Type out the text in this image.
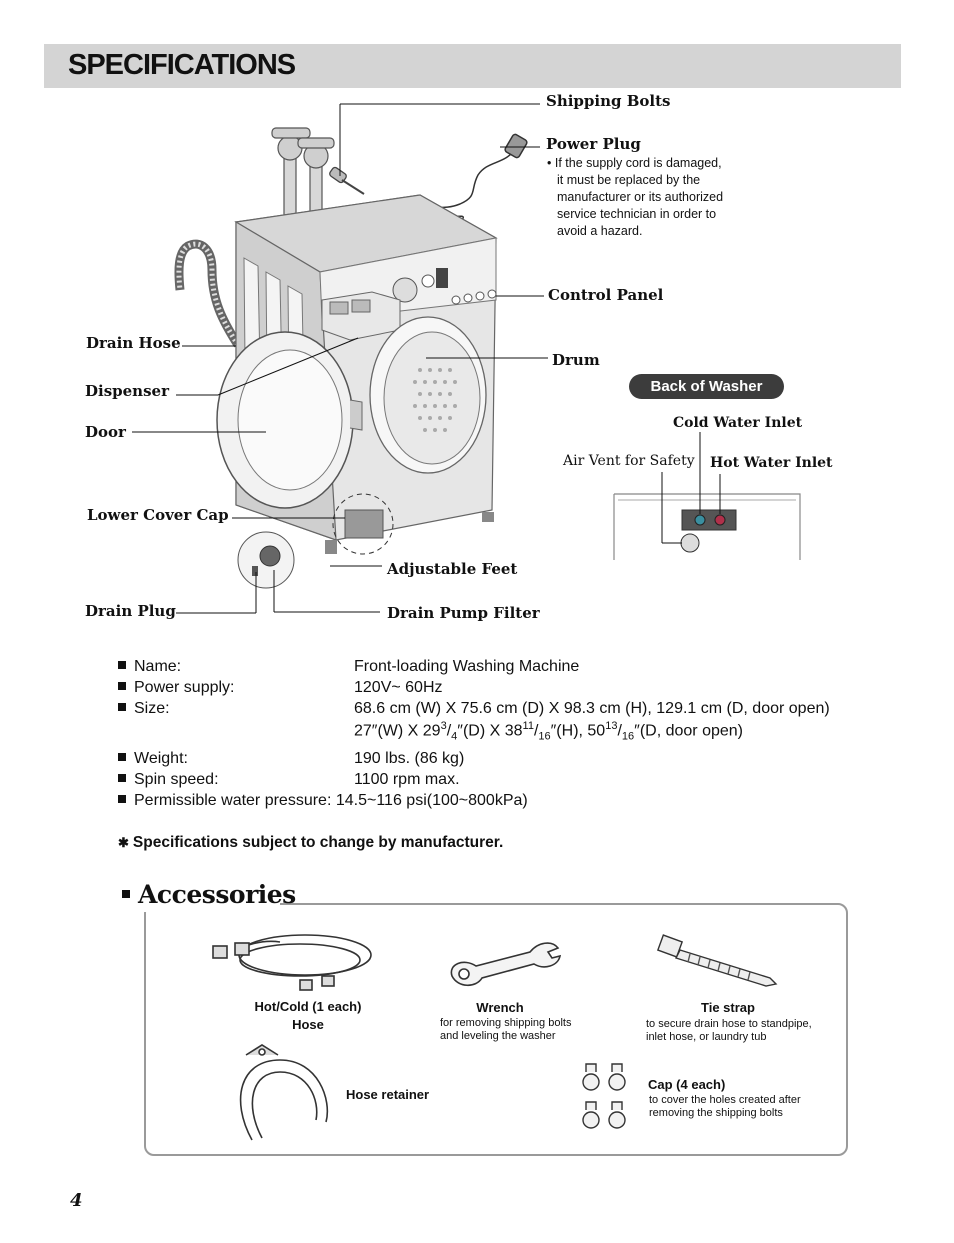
SPECIFICATIONS
Shipping Bolts
Power Plug
• If the supply cord is damaged,
it must be replaced by the
manufacturer or its authorized
service technician in order to
avoid a hazard.
Control Panel
Drain Hose
Drum
Dispenser
Door
Lower Cover Cap
Adjustable Feet
Drain Plug	Drain Pump Filter
Back of Washer
Cold Water Inlet
Air Vent for Safety Hot Water Inlet
Name:	Front-loading Washing Machine
Power supply:	120V~ 60Hz
Size:	68.6 cm (W) X 75.6 cm (D) X 98.3 cm (H), 129.1 cm (D, door open)
27″(W) X $29^3/_4''(D)$ X $38^{11}/_{16}''(H)$, $50^{13}/_{16}''(D$, door open)
Weight:	190 lbs. (86 kg)
Spin speed:	1100 rpm max.
Permissible water pressure: 14.5~116 psi(100~800kPa)
✱ Specifications subject to change by manufacturer.
Accessories
Hot/Cold (1 each)
Hose
Wrench
for removing shipping bolts
and leveling the washer
Tie strap
to secure drain hose to standpipe,
inlet hose, or laundry tub
Hose retainer
Cap (4 each)
to cover the holes created after
removing the shipping bolts
4
